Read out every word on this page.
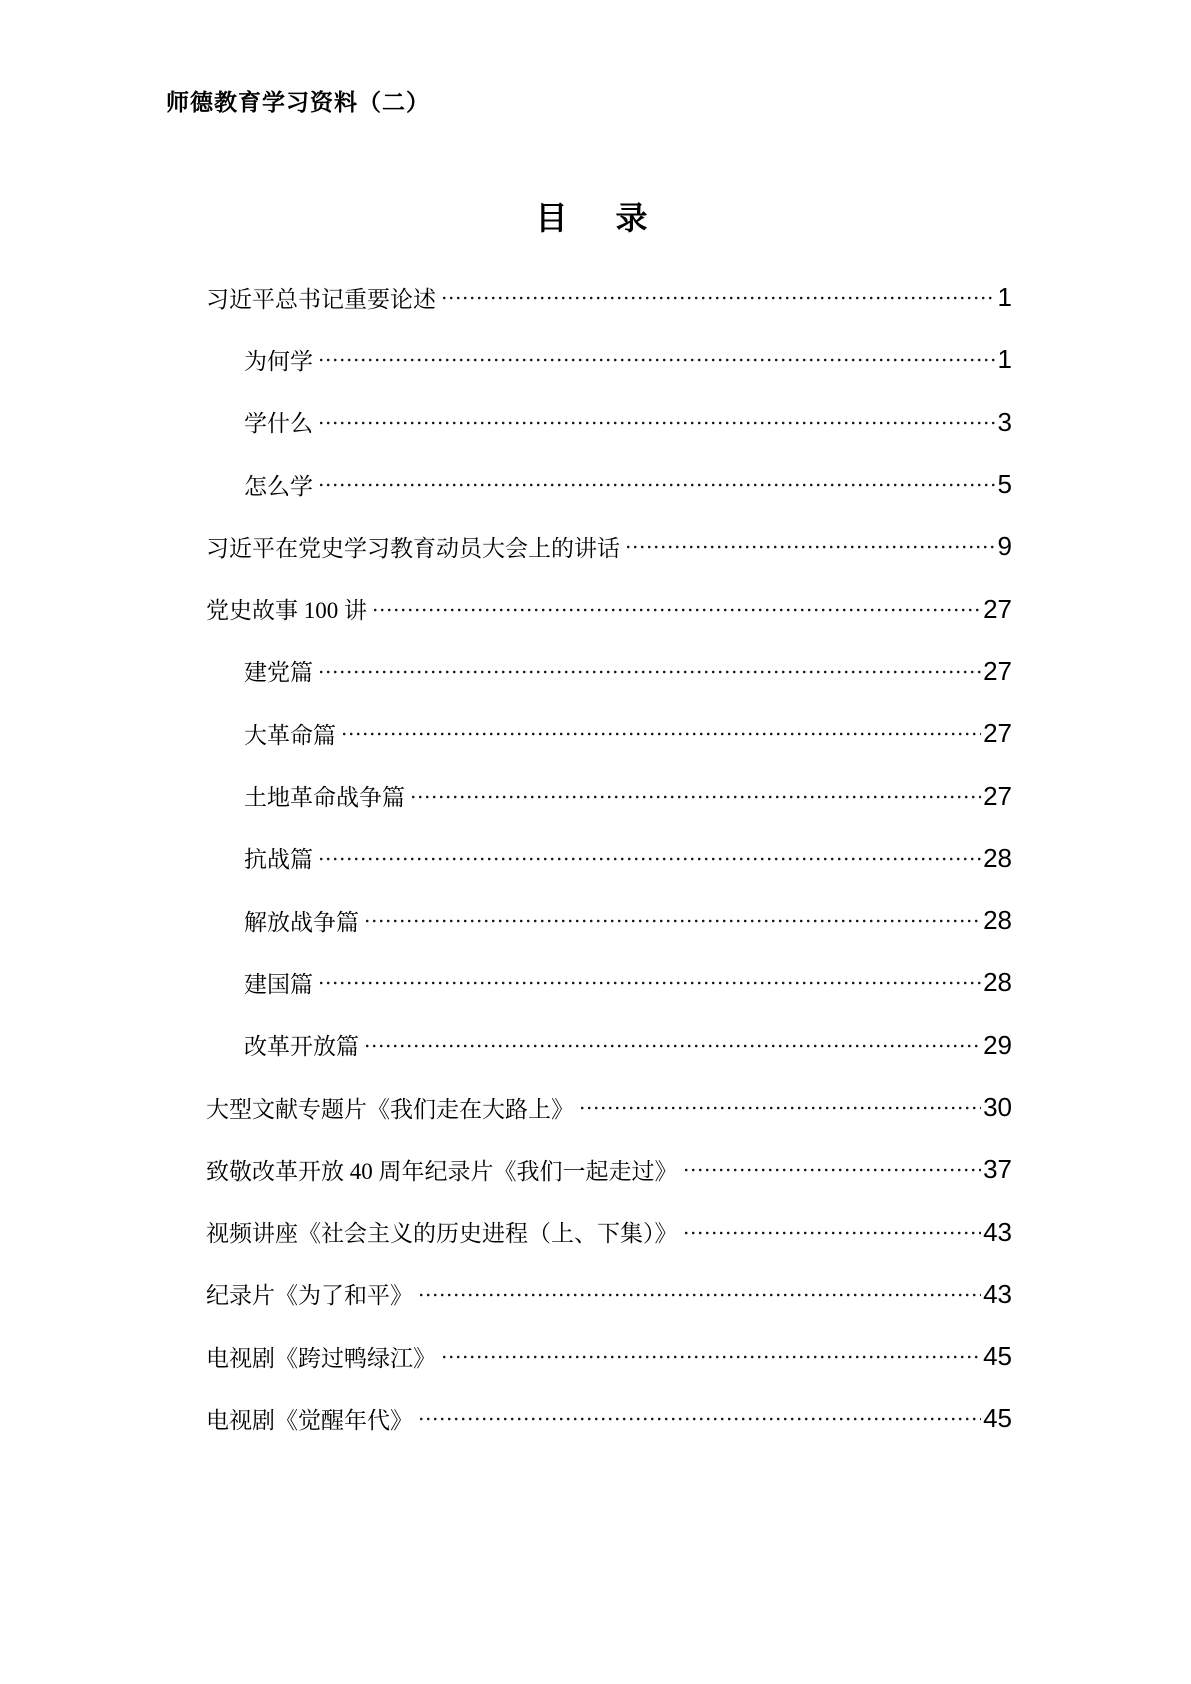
师德教育学习资料（二）
目　录
习近平总书记重要论述	1
为何学	1
学什么	3
怎么学	5
习近平在党史学习教育动员大会上的讲话	9
党史故事 100 讲	27
建党篇	27
大革命篇	27
土地革命战争篇	27
抗战篇	28
解放战争篇	28
建国篇	28
改革开放篇	29
大型文献专题片《我们走在大路上》	30
致敬改革开放 40 周年纪录片《我们一起走过》	37
视频讲座《社会主义的历史进程（上、下集）》	43
纪录片《为了和平》	43
电视剧《跨过鸭绿江》	45
电视剧《觉醒年代》	45
